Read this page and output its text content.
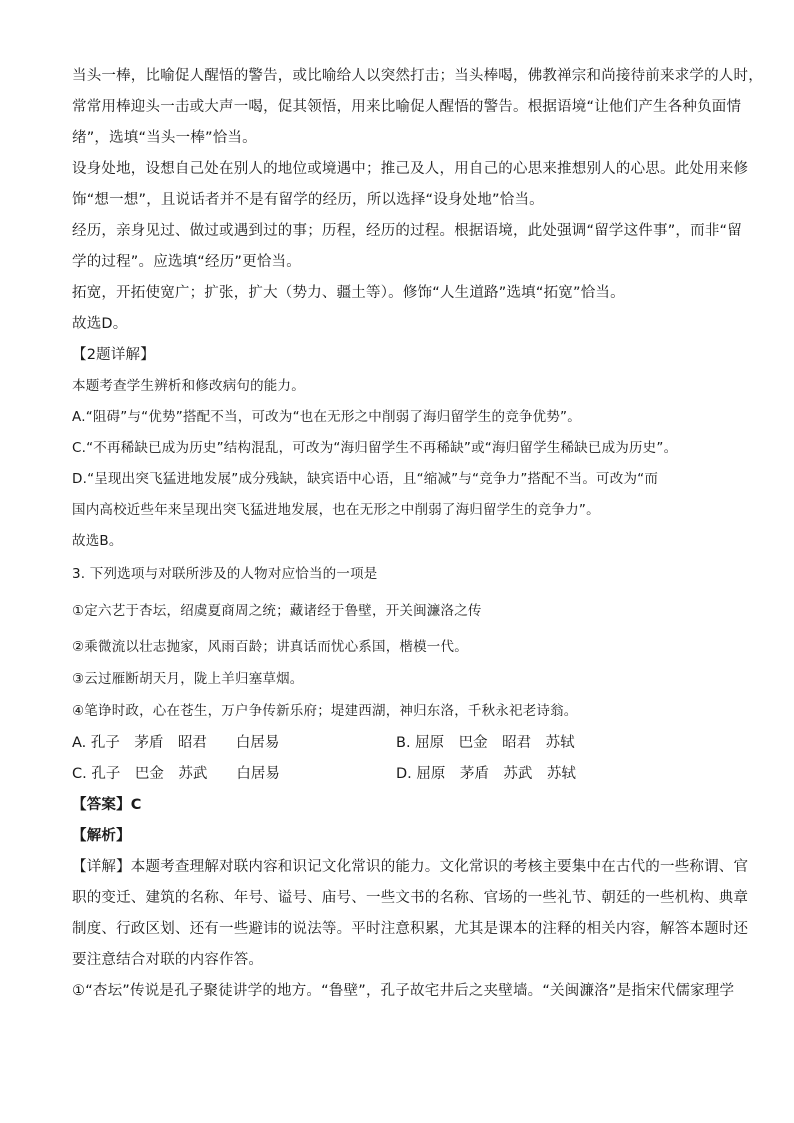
当头一棒，比喻促人醒悟的警告，或比喻给人以突然打击；当头棒喝，佛教禅宗和尚接待前来求学的人时，
常常用棒迎头一击或大声一喝，促其领悟，用来比喻促人醒悟的警告。根据语境“让他们产生各种负面情
绪”，选填“当头一棒”恰当。
设身处地，设想自己处在别人的地位或境遇中；推己及人，用自己的心思来推想别人的心思。此处用来修
饰“想一想”，且说话者并不是有留学的经历，所以选择“设身处地”恰当。
经历，亲身见过、做过或遇到过的事；历程，经历的过程。根据语境，此处强调“留学这件事”，而非“留
学的过程”。应选填“经历”更恰当。
拓宽，开拓使宽广；扩张，扩大（势力、疆土等）。修饰“人生道路”选填“拓宽”恰当。
故选D。
【2题详解】
本题考查学生辨析和修改病句的能力。
A.“阻碍”与“优势”搭配不当，可改为“也在无形之中削弱了海归留学生的竞争优势”。
C.“不再稀缺已成为历史”结构混乱，可改为“海归留学生不再稀缺”或“海归留学生稀缺已成为历史”。
D.“呈现出突飞猛进地发展”成分残缺，缺宾语中心语，且“缩减”与“竞争力”搭配不当。可改为“而
国内高校近些年来呈现出突飞猛进地发展，也在无形之中削弱了海归留学生的竞争力”。
故选B。
3. 下列选项与对联所涉及的人物对应恰当的一项是
①定六艺于杏坛，绍虞夏商周之统；藏诸经于鲁壁，开关闽濂洛之传
②乘微流以壮志抛家，风雨百龄；讲真话而忧心系国，楷模一代。
③云过雁断胡天月，陇上羊归塞草烟。
④笔诤时政，心在苍生，万户争传新乐府；堤建西湖，神归东洛，千秋永祀老诗翁。
A. 孔子　茅盾　昭君　　白居易	B. 屈原　巴金　昭君　苏轼
C. 孔子　巴金　苏武　　白居易	D. 屈原　茅盾　苏武　苏轼
【答案】C
【解析】
【详解】本题考查理解对联内容和识记文化常识的能力。文化常识的考核主要集中在古代的一些称谓、官
职的变迁、建筑的名称、年号、谥号、庙号、一些文书的名称、官场的一些礼节、朝廷的一些机构、典章
制度、行政区划、还有一些避讳的说法等。平时注意积累，尤其是课本的注释的相关内容，解答本题时还
要注意结合对联的内容作答。
①“杏坛”传说是孔子聚徒讲学的地方。“鲁壁”，孔子故宅井后之夹壁墙。“关闽濂洛”是指宋代儒家理学
